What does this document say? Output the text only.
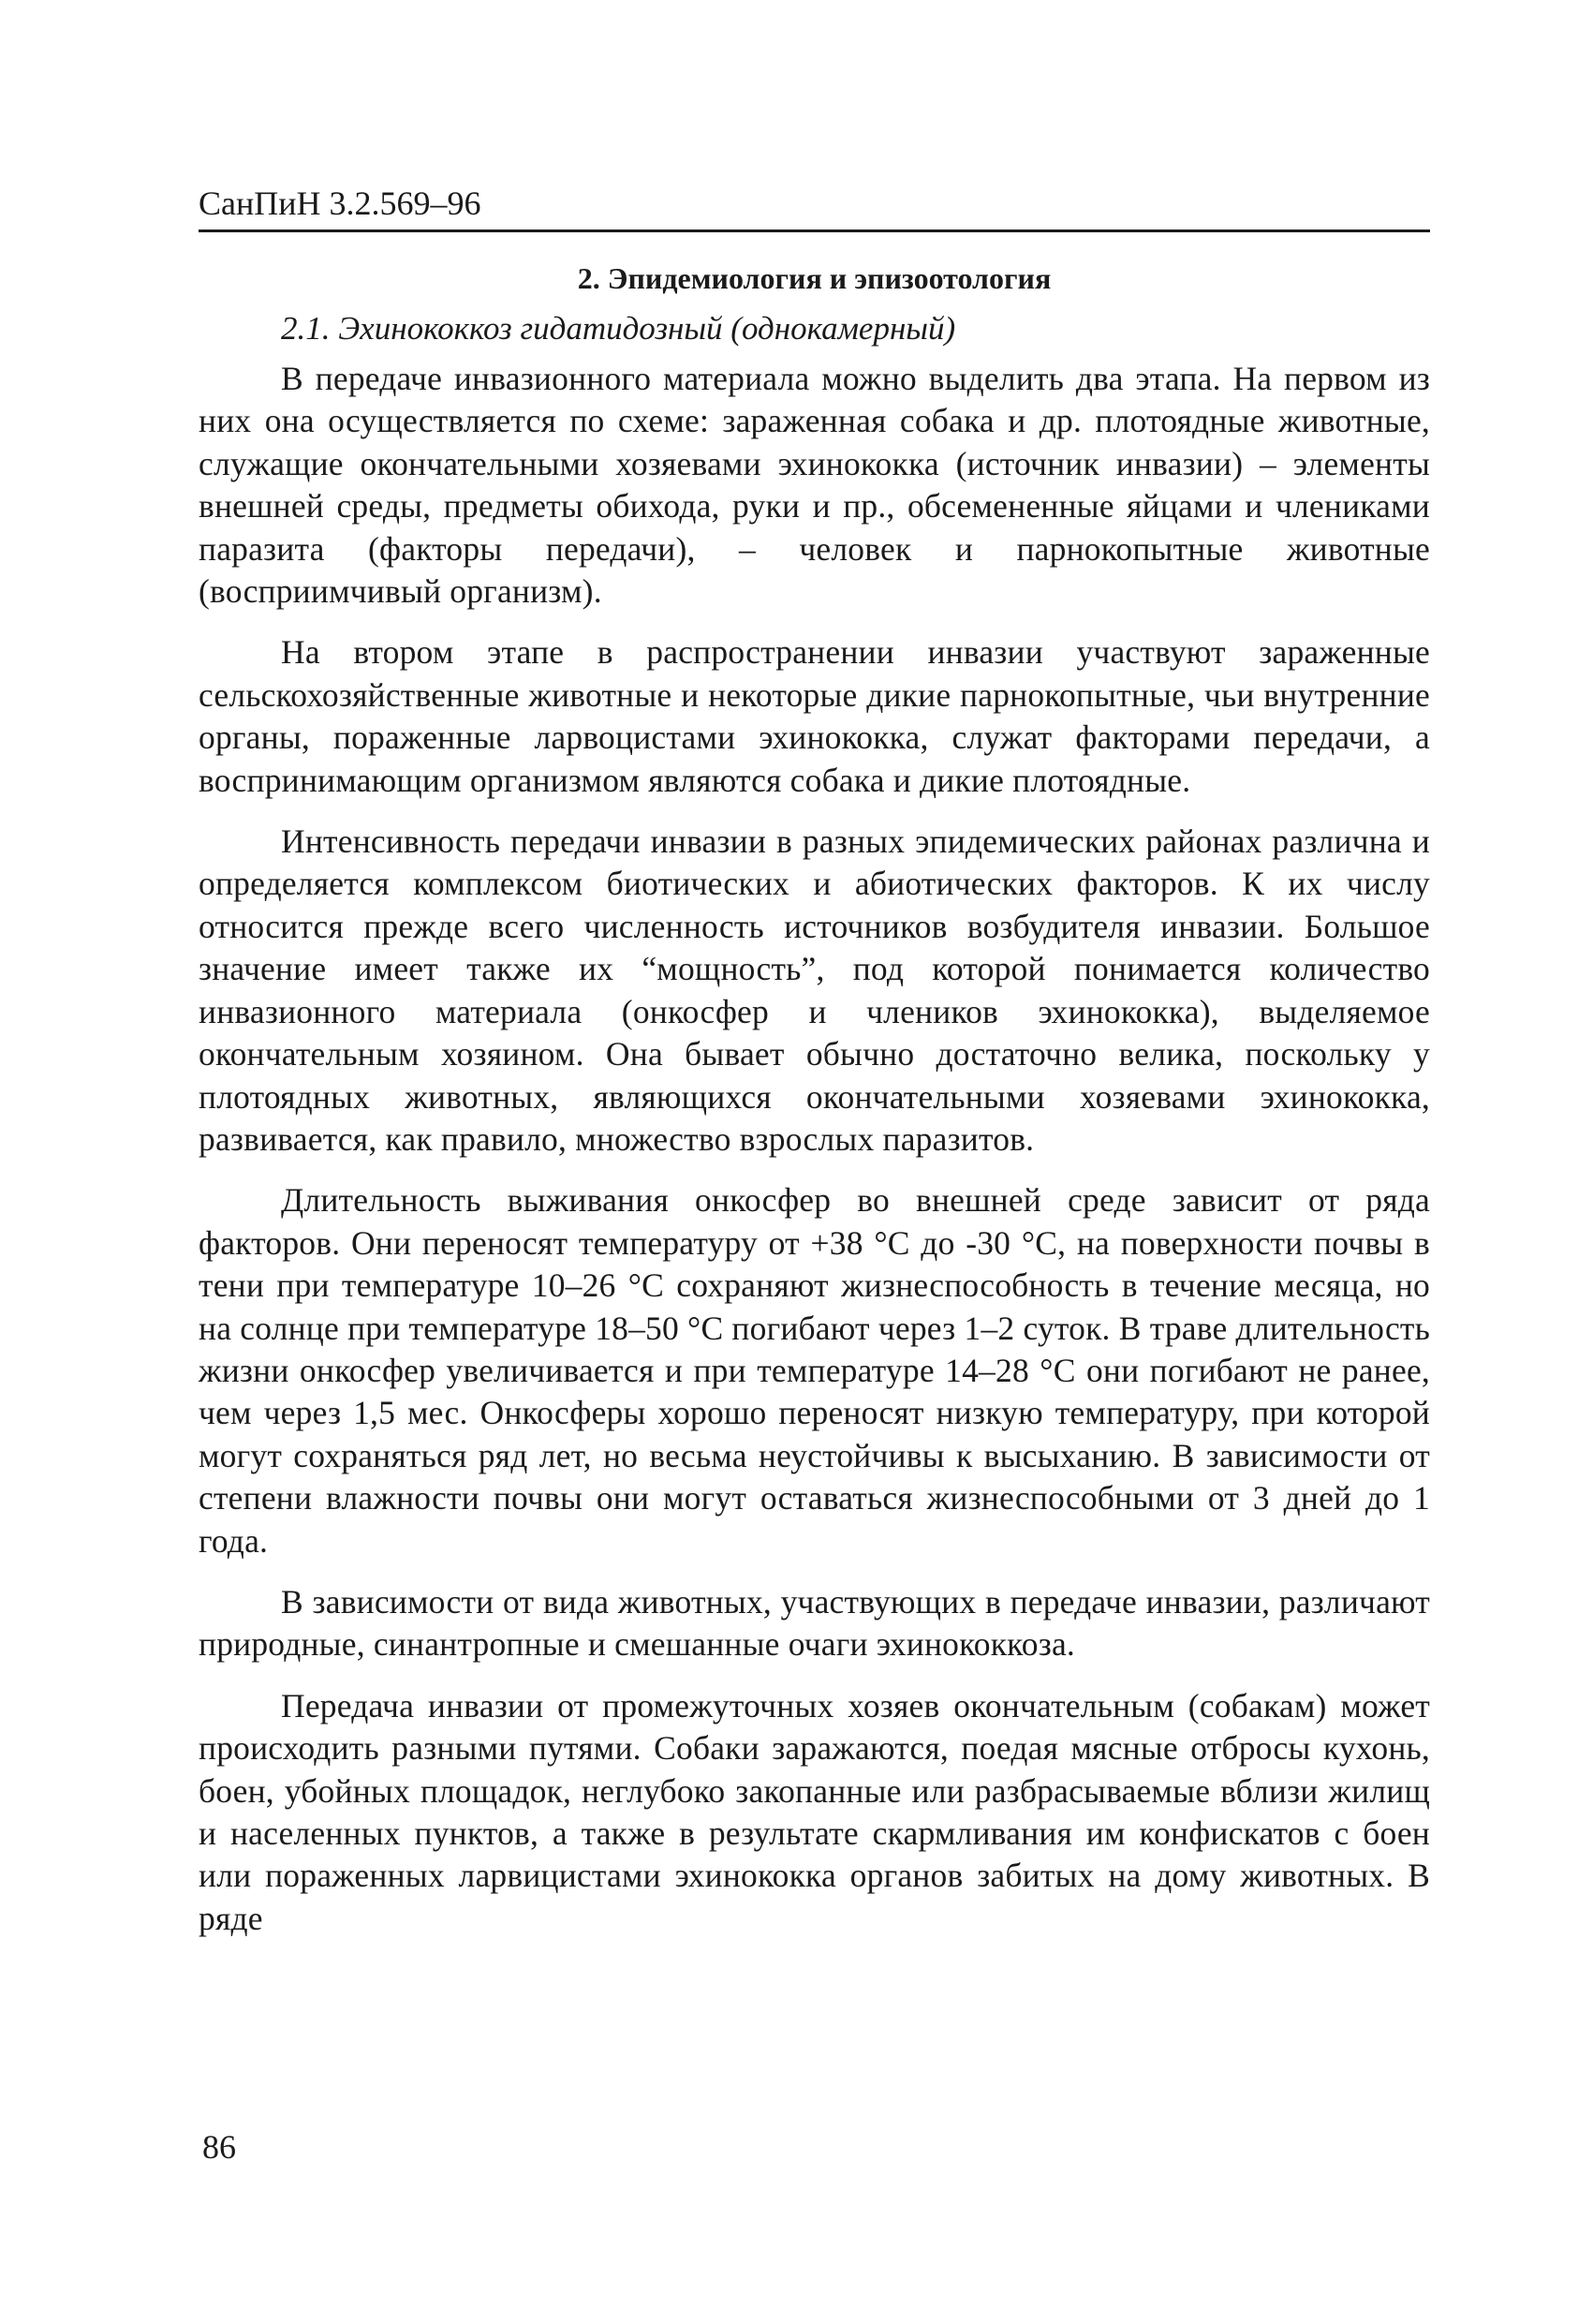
СанПиН 3.2.569–96
2. Эпидемиология и эпизоотология
2.1. Эхинококкоз гидатидозный (однокамерный)

В передаче инвазионного материала можно выделить два этапа. На первом из них она осуществляется по схеме: зараженная собака и др. плотоядные животные, служащие окончательными хозяевами эхинококка (источник инвазии) – элементы внешней среды, предметы обихода, руки и пр., обсемененные яйцами и члениками паразита (факторы передачи), – человек и парнокопытные животные (восприимчивый организм).

На втором этапе в распространении инвазии участвуют зараженные сельскохозяйственные животные и некоторые дикие парнокопытные, чьи внутренние органы, пораженные ларвоцистами эхинококка, служат факторами передачи, а воспринимающим организмом являются собака и дикие плотоядные.

Интенсивность передачи инвазии в разных эпидемических районах различна и определяется комплексом биотических и абиотических факторов. К их числу относится прежде всего численность источников возбудителя инвазии. Большое значение имеет также их “мощность”, под которой понимается количество инвазионного материала (онкосфер и члеников эхинококка), выделяемое окончательным хозяином. Она бывает обычно достаточно велика, поскольку у плотоядных животных, являющихся окончательными хозяевами эхинококка, развивается, как правило, множество взрослых паразитов.

Длительность выживания онкосфер во внешней среде зависит от ряда факторов. Они переносят температуру от +38 °С до -30 °С, на поверхности почвы в тени при температуре 10–26 °С сохраняют жизнеспособность в течение месяца, но на солнце при температуре 18–50 °С погибают через 1–2 суток. В траве длительность жизни онкосфер увеличивается и при температуре 14–28 °С они погибают не ранее, чем через 1,5 мес. Онкосферы хорошо переносят низкую температуру, при которой могут сохраняться ряд лет, но весьма неустойчивы к высыханию. В зависимости от степени влажности почвы они могут оставаться жизнеспособными от 3 дней до 1 года.

В зависимости от вида животных, участвующих в передаче инвазии, различают природные, синантропные и смешанные очаги эхинококкоза.

Передача инвазии от промежуточных хозяев окончательным (собакам) может происходить разными путями. Собаки заражаются, поедая мясные отбросы кухонь, боен, убойных площадок, неглубоко закопанные или разбрасываемые вблизи жилищ и населенных пунктов, а также в результате скармливания им конфискатов с боен или пораженных ларвицистами эхинококка органов забитых на дому животных. В ряде

86
